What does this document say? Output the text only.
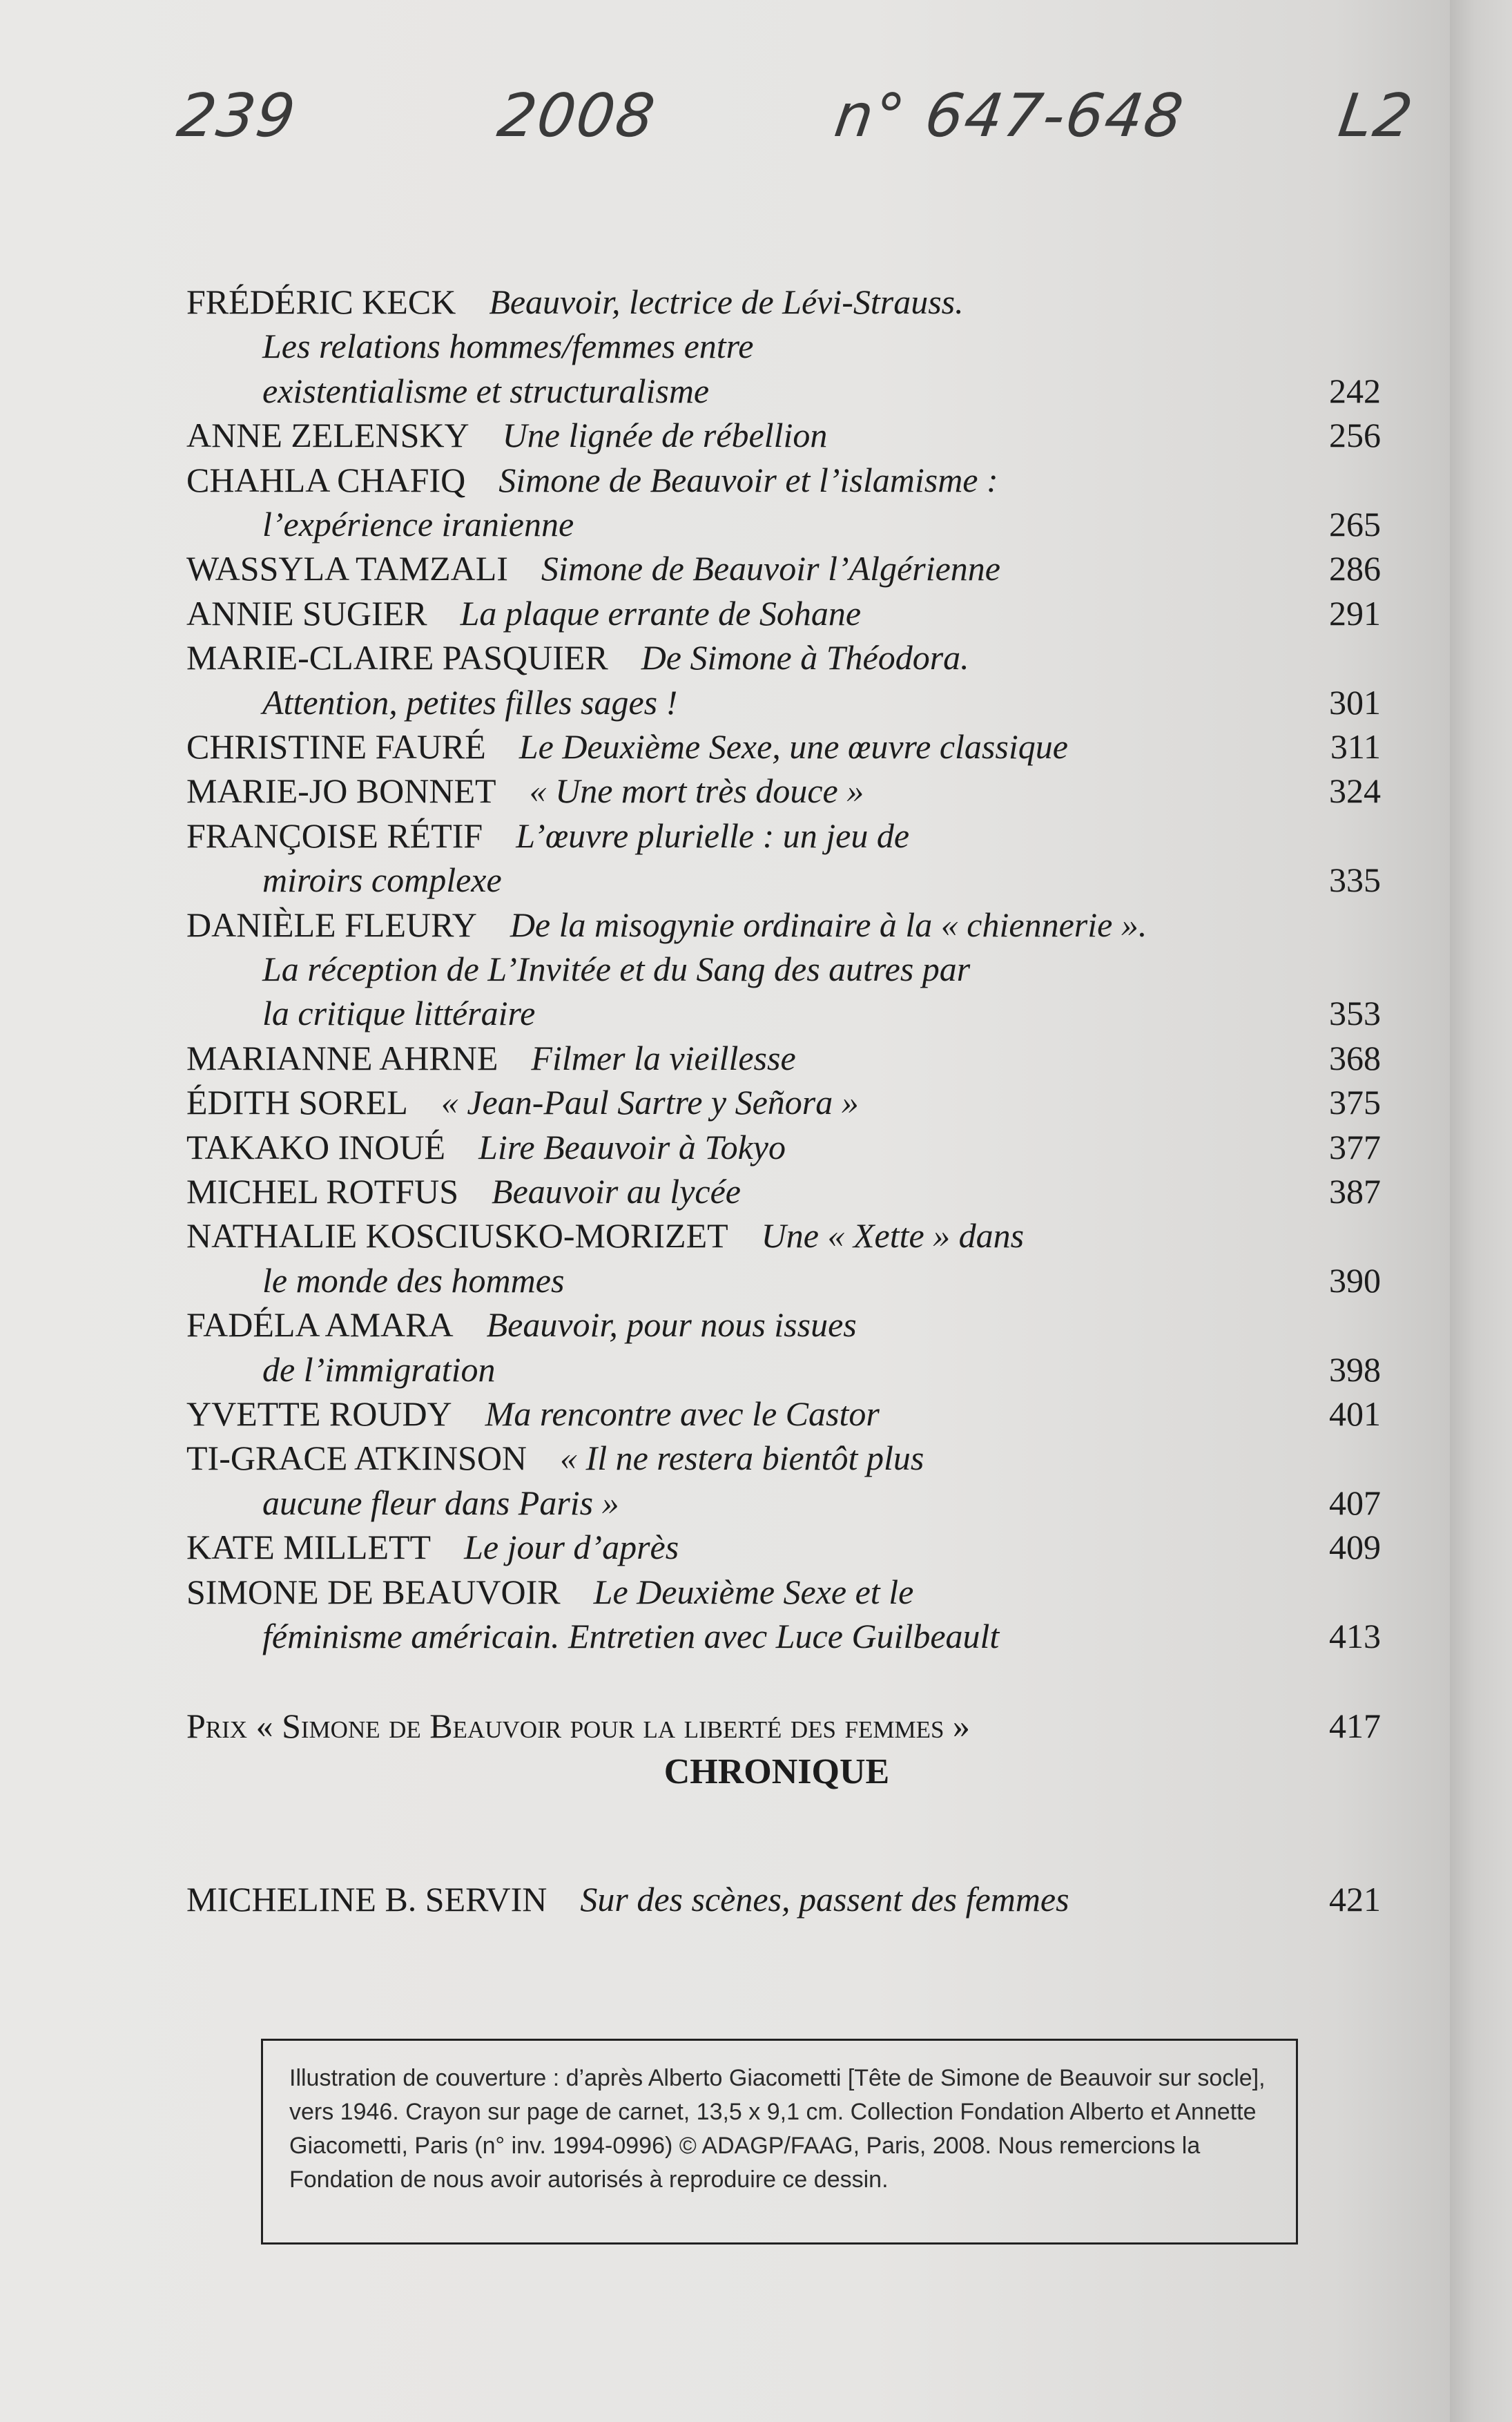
239	2008	n° 647-648 L2
FRÉDÉRIC KECK Beauvoir, lectrice de Lévi-Strauss.
Les relations hommes/femmes entre
existentialisme et structuralisme	242
ANNE ZELENSKY Une lignée de rébellion	256
CHAHLA CHAFIQ Simone de Beauvoir et l’islamisme :
l’expérience iranienne	265
WASSYLA TAMZALI Simone de Beauvoir l’Algérienne	286
ANNIE SUGIER La plaque errante de Sohane	291
MARIE-CLAIRE PASQUIER De Simone à Théodora.
Attention, petites filles sages !	301
CHRISTINE FAURÉ Le Deuxième Sexe, une œuvre classique	311
MARIE-JO BONNET « Une mort très douce »	324
FRANÇOISE RÉTIF L’œuvre plurielle : un jeu de
miroirs complexe	335
DANIÈLE FLEURY De la misogynie ordinaire à la « chiennerie ».
La réception de L’Invitée et du Sang des autres par
la critique littéraire	353
MARIANNE AHRNE Filmer la vieillesse	368
ÉDITH SOREL « Jean-Paul Sartre y Señora »	375
TAKAKO INOUÉ Lire Beauvoir à Tokyo	377
MICHEL ROTFUS Beauvoir au lycée	387
NATHALIE KOSCIUSKO-MORIZET Une « Xette » dans
le monde des hommes	390
FADÉLA AMARA Beauvoir, pour nous issues
de l’immigration	398
YVETTE ROUDY Ma rencontre avec le Castor	401
TI-GRACE ATKINSON « Il ne restera bientôt plus
aucune fleur dans Paris »	407
KATE MILLETT Le jour d’après	409
SIMONE DE BEAUVOIR Le Deuxième Sexe et le
féminisme américain. Entretien avec Luce Guilbeault	413
Prix « Simone de Beauvoir pour la liberté des femmes »	417
CHRONIQUE
MICHELINE B. SERVIN Sur des scènes, passent des femmes	421
Illustration de couverture : d’après Alberto Giacometti [Tête de Simone de Beauvoir sur socle], vers 1946. Crayon sur page de carnet, 13,5 x 9,1 cm. Collection Fondation Alberto et Annette Giacometti, Paris (n° inv. 1994-0996) © ADAGP/FAAG, Paris, 2008. Nous remercions la Fondation de nous avoir autorisés à reproduire ce dessin.
